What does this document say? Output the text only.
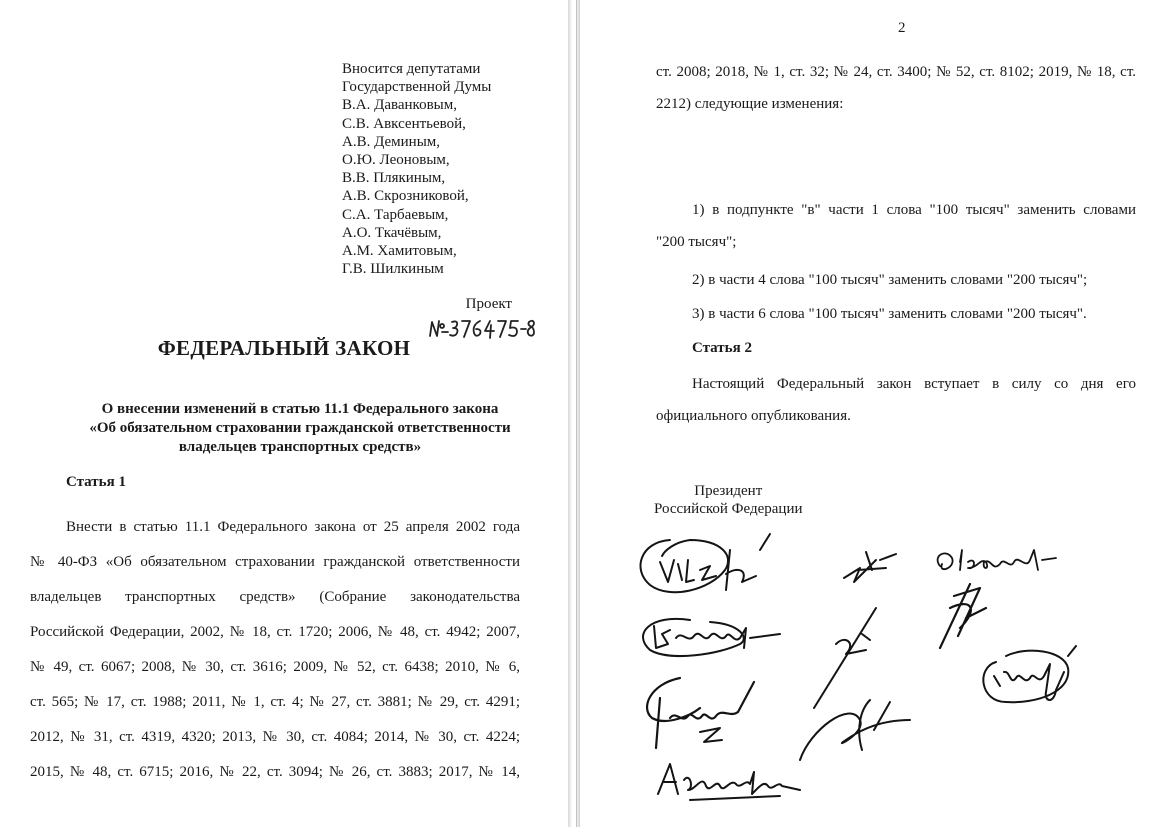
Вносится депутатами
Государственной Думы
В.А. Даванковым,
С.В. Авксентьевой,
А.В. Деминым,
О.Ю. Леоновым,
В.В. Плякиным,
А.В. Скрозниковой,
С.А. Тарбаевым,
А.О. Ткачёвым,
А.М. Хамитовым,
Г.В. Шилкиным
Проект
ФЕДЕРАЛЬНЫЙ ЗАКОН
О внесении изменений в статью 11.1 Федерального закона
«Об обязательном страховании гражданской ответственности
владельцев транспортных средств»
Статья 1
Внести в статью 11.1 Федерального закона от 25 апреля 2002 года
№ 40-ФЗ «Об обязательном страховании гражданской ответственности
владельцев транспортных средств» (Собрание законодательства
Российской Федерации, 2002, № 18, ст. 1720; 2006, № 48, ст. 4942; 2007,
№ 49, ст. 6067; 2008, № 30, ст. 3616; 2009, № 52, ст. 6438; 2010, № 6,
ст. 565; № 17, ст. 1988; 2011, № 1, ст. 4; № 27, ст. 3881; № 29, ст. 4291;
2012, № 31, ст. 4319, 4320; 2013, № 30, ст. 4084; 2014, № 30, ст. 4224;
2015, № 48, ст. 6715; 2016, № 22, ст. 3094; № 26, ст. 3883; 2017, № 14,
2
ст. 2008; 2018, № 1, ст. 32; № 24, ст. 3400; № 52, ст. 8102; 2019, № 18, ст.
2212) следующие изменения:
1) в подпункте "в" части 1 слова "100 тысяч" заменить словами
"200 тысяч";
2) в части 4 слова "100 тысяч" заменить словами "200 тысяч";
3) в части 6 слова "100 тысяч" заменить словами "200 тысяч".
Статья 2
Настоящий Федеральный закон вступает в силу со дня его
официального опубликования.
Президент
Российской Федерации
